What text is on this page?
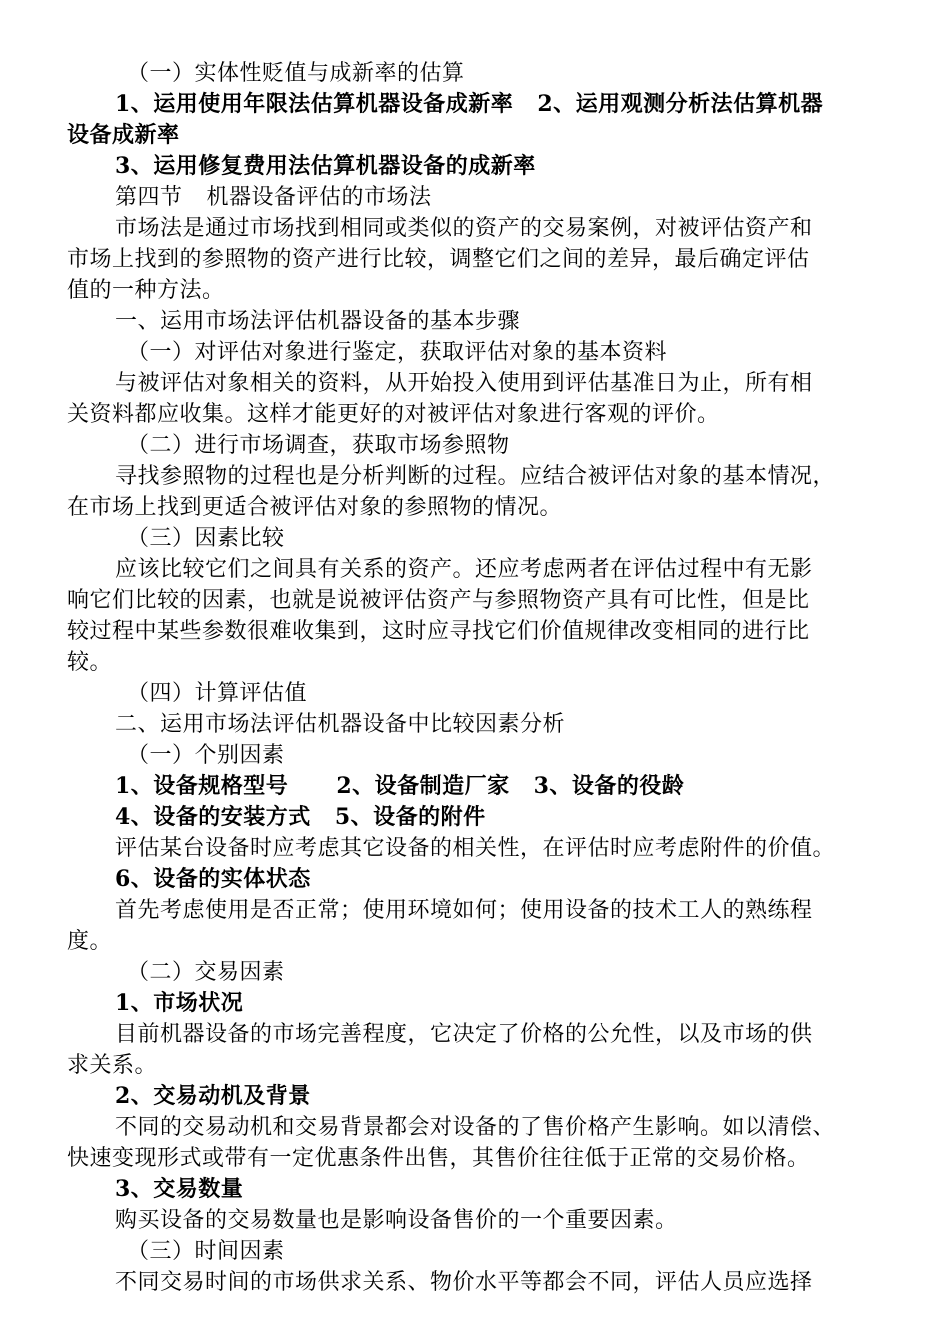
（一）实体性贬值与成新率的估算
1、运用使用年限法估算机器设备成新率 2、运用观测分析法估算机器
设备成新率
3、运用修复费用法估算机器设备的成新率
第四节 机器设备评估的市场法
市场法是通过市场找到相同或类似的资产的交易案例，对被评估资产和
市场上找到的参照物的资产进行比较，调整它们之间的差异，最后确定评估
值的一种方法。
一、运用市场法评估机器设备的基本步骤
（一）对评估对象进行鉴定，获取评估对象的基本资料
与被评估对象相关的资料，从开始投入使用到评估基准日为止，所有相
关资料都应收集。这样才能更好的对被评估对象进行客观的评价。
（二）进行市场调查，获取市场参照物
寻找参照物的过程也是分析判断的过程。应结合被评估对象的基本情况，
在市场上找到更适合被评估对象的参照物的情况。
（三）因素比较
应该比较它们之间具有关系的资产。还应考虑两者在评估过程中有无影
响它们比较的因素，也就是说被评估资产与参照物资产具有可比性，但是比
较过程中某些参数很难收集到，这时应寻找它们价值规律改变相同的进行比
较。
（四）计算评估值
二、运用市场法评估机器设备中比较因素分析
（一）个别因素
1、设备规格型号 2、设备制造厂家 3、设备的役龄
4、设备的安装方式 5、设备的附件
评估某台设备时应考虑其它设备的相关性，在评估时应考虑附件的价值。
6、设备的实体状态
首先考虑使用是否正常；使用环境如何；使用设备的技术工人的熟练程
度。
（二）交易因素
1、市场状况
目前机器设备的市场完善程度，它决定了价格的公允性，以及市场的供
求关系。
2、交易动机及背景
不同的交易动机和交易背景都会对设备的了售价格产生影响。如以清偿、
快速变现形式或带有一定优惠条件出售，其售价往往低于正常的交易价格。
3、交易数量
购买设备的交易数量也是影响设备售价的一个重要因素。
（三）时间因素
不同交易时间的市场供求关系、物价水平等都会不同，评估人员应选择
